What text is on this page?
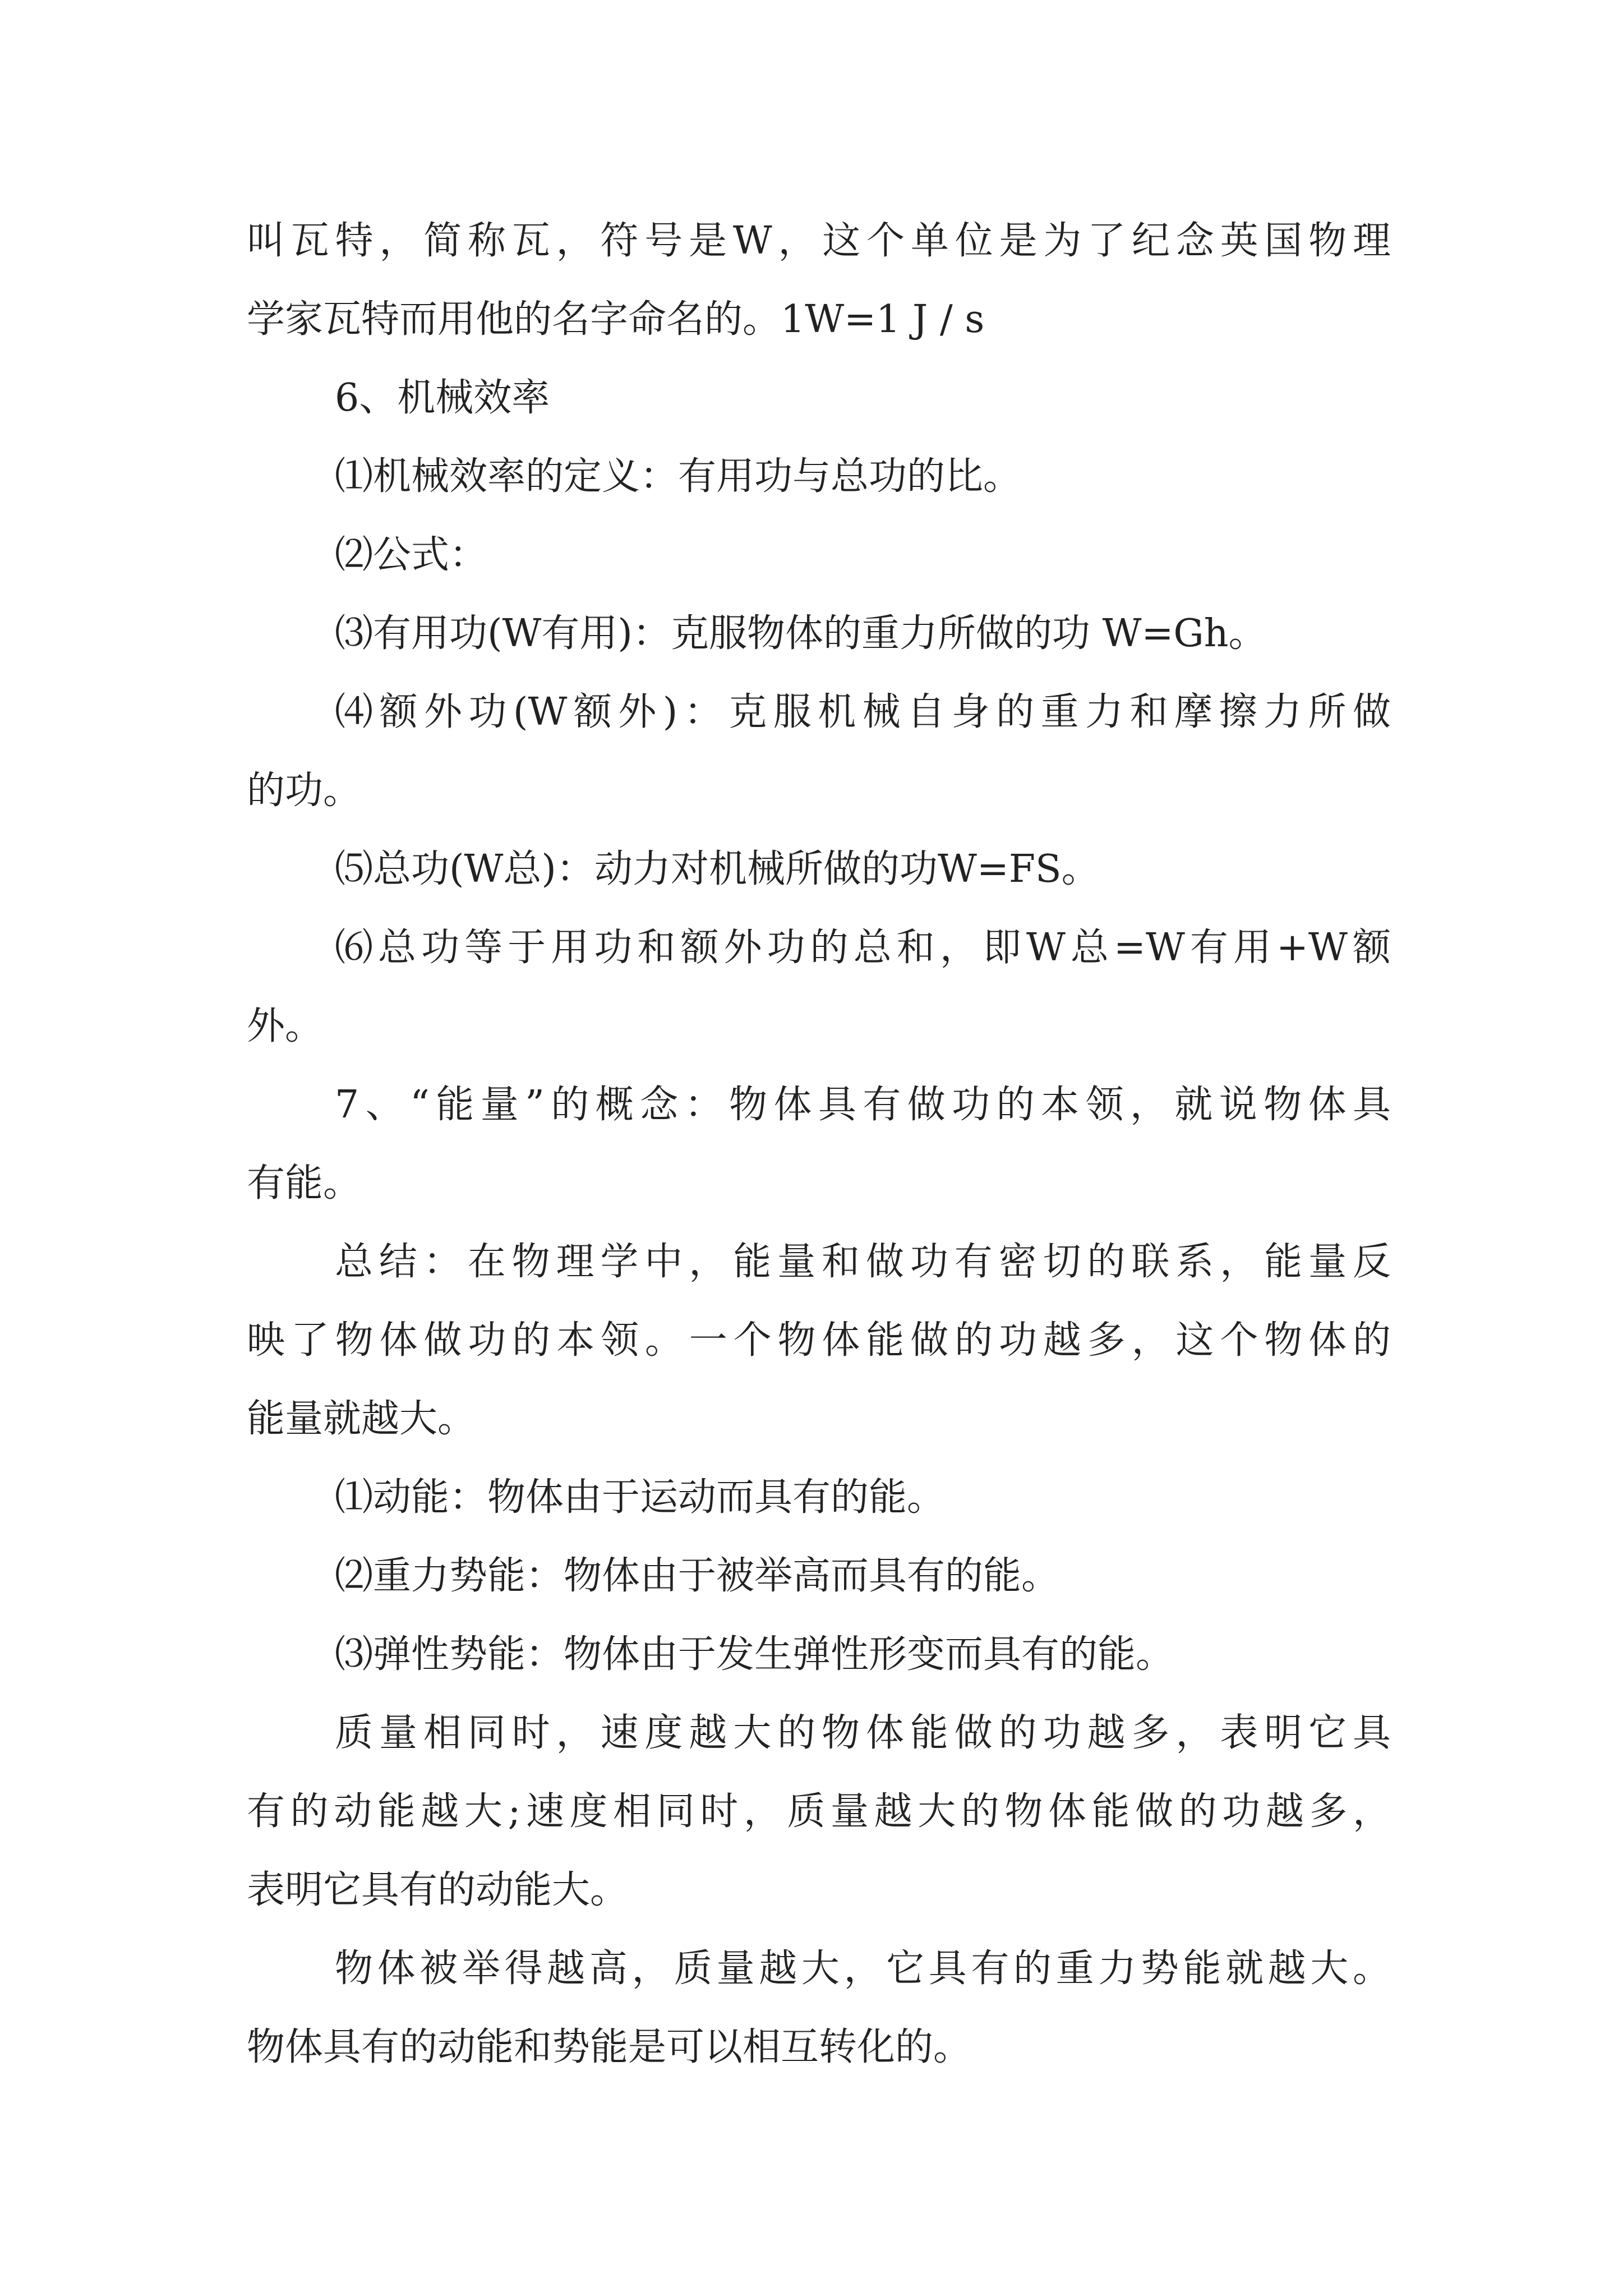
叫瓦特，简称瓦，符号是W，这个单位是为了纪念英国物理

学家瓦特而用他的名字命名的。1W=1 J / s

6、机械效率

⑴机械效率的定义：有用功与总功的比。

⑵公式：

⑶有用功(W有用)：克服物体的重力所做的功 W=Gh。

⑷额外功(W额外)：克服机械自身的重力和摩擦力所做

的功。

⑸总功(W总)：动力对机械所做的功W=FS。

⑹总功等于用功和额外功的总和，即W总=W有用+W额

外。

7、“能量”的概念：物体具有做功的本领，就说物体具

有能。

总结：在物理学中，能量和做功有密切的联系，能量反

映了物体做功的本领。一个物体能做的功越多，这个物体的

能量就越大。

⑴动能：物体由于运动而具有的能。

⑵重力势能：物体由于被举高而具有的能。

⑶弹性势能：物体由于发生弹性形变而具有的能。

质量相同时，速度越大的物体能做的功越多，表明它具

有的动能越大;速度相同时，质量越大的物体能做的功越多，

表明它具有的动能大。

物体被举得越高，质量越大，它具有的重力势能就越大。

物体具有的动能和势能是可以相互转化的。
